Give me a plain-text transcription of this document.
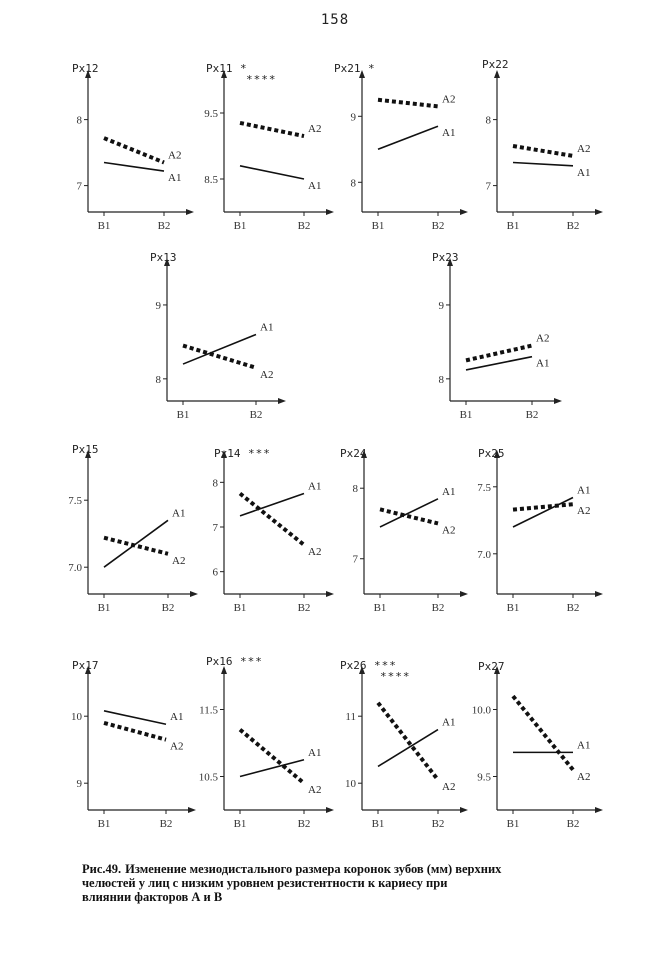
158
Px12
7
8
B1	B2
A1
A2
Px11 *
****
8.5
9.5
B1	B2
A1
A2
Px21 *
8
9
B1	B2
A1
A2
Px22
7
8
B1	B2
A1
A2
Px13
8
9
B1	B2
A1
A2
Px23
8
9
B1	B2
A1
A2
Px15
7.0
7.5
B1	B2
A1
A2
Px14 ***
6
7
8
B1	B2
A1
A2
Px24
7
8
B1	B2
A1
A2
Px25
7.0
7.5
B1	B2
A1
A2
Px17
9
10
B1	B2
A1
A2
Px16 ***
10.5
11.5
B1	B2
A1
A2
Px26 ***
****
10
11
B1	B2
A1
A2
Px27
9.5
10.0
B1	B2
A1
A2
Рис.49. Изменение мезиодистального размера коронок зубов (мм) верхних
челюстей у лиц с низким уровнем резистентности к кариесу при
влиянии факторов А и В
